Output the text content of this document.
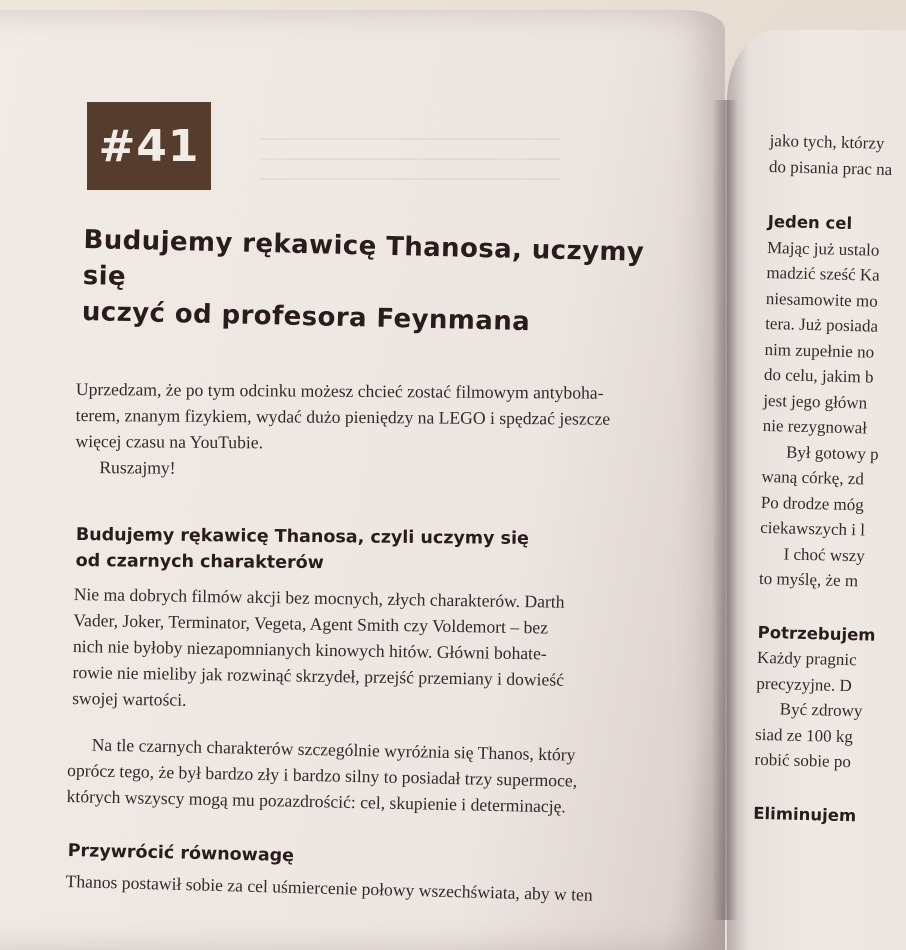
#41
Budujemy rękawicę Thanosa, uczymy się
uczyć od profesora Feynmana
Uprzedzam, że po tym odcinku możesz chcieć zostać filmowym antyboha-
terem, znanym fizykiem, wydać dużo pieniędzy na LEGO i spędzać jeszcze
więcej czasu na YouTubie.
Ruszajmy!
Budujemy rękawicę Thanosa, czyli uczymy się
od czarnych charakterów
Nie ma dobrych filmów akcji bez mocnych, złych charakterów. Darth
Vader, Joker, Terminator, Vegeta, Agent Smith czy Voldemort – bez
nich nie byłoby niezapomnianych kinowych hitów. Główni bohate-
rowie nie mieliby jak rozwinąć skrzydeł, przejść przemiany i dowieść
swojej wartości.
Na tle czarnych charakterów szczególnie wyróżnia się Thanos, który
oprócz tego, że był bardzo zły i bardzo silny to posiadał trzy supermoce,
których wszyscy mogą mu pozazdrościć: cel, skupienie i determinację.
Przywrócić równowagę
Thanos postawił sobie za cel uśmiercenie połowy wszechświata, aby w ten
jako tych, którzy
do pisania prac na
Jeden cel
Mając już ustalo
madzić sześć Ka
niesamowite mo
tera. Już posiada
nim zupełnie no
do celu, jakim b
jest jego główn
nie rezygnował
Był gotowy p
waną córkę, zd
Po drodze móg
ciekawszych i l
I choć wszy
to myślę, że m
Potrzebujem
Każdy pragnic
precyzyjne. D
Być zdrowy
siad ze 100 kg
robić sobie po
Eliminujem
